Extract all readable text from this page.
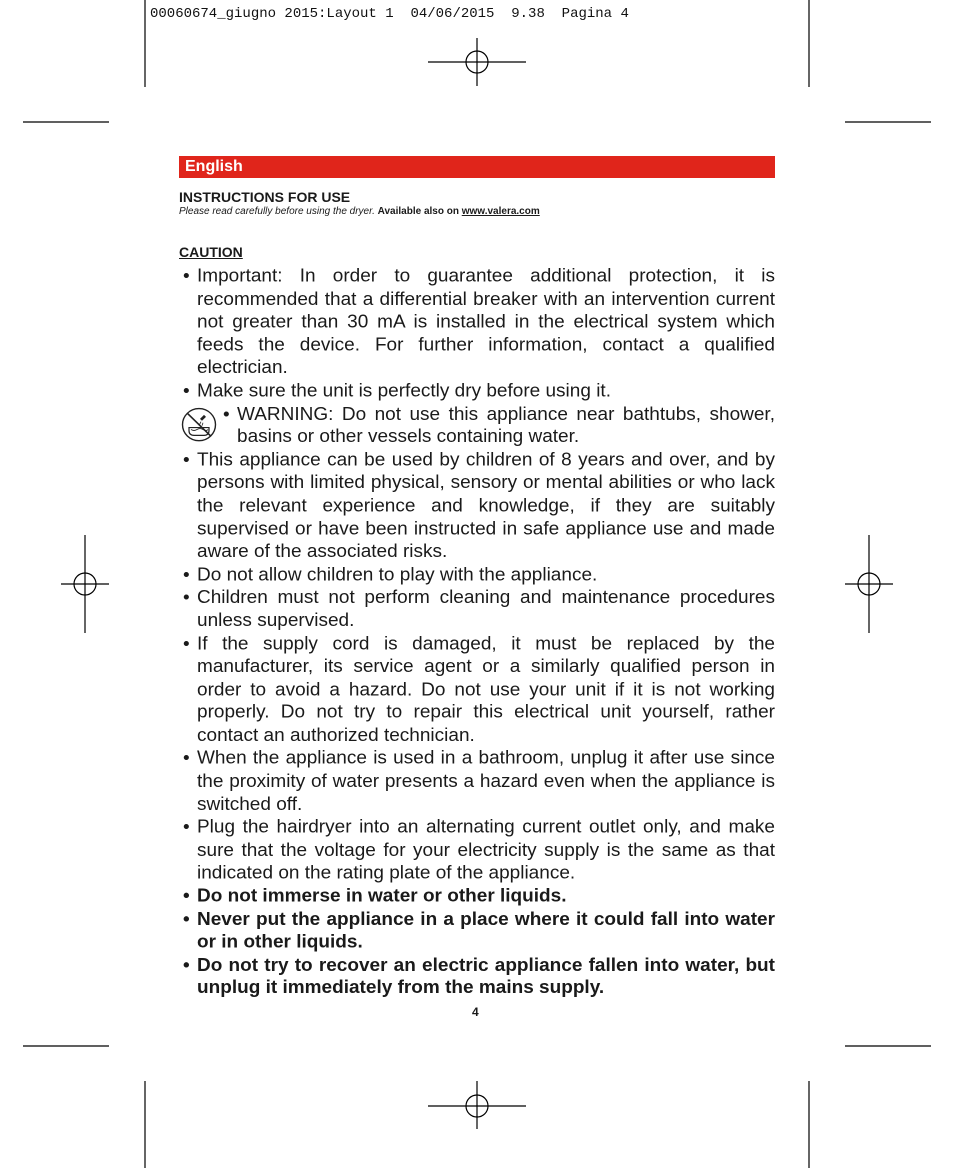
00060674_giugno 2015:Layout 1  04/06/2015  9.38  Pagina 4
English
INSTRUCTIONS FOR USE
Please read carefully before using the dryer. Available also on www.valera.com
CAUTION
• Important: In order to guarantee additional protection, it is recommended that a differential breaker with an intervention current not greater than 30 mA is installed in the electrical system which feeds the device. For further information, contact a qualified electrician.
• Make sure the unit is perfectly dry before using it.
• WARNING: Do not use this appliance near bathtubs, shower, basins or other vessels containing water.
• This appliance can be used by children of 8 years and over, and by persons with limited physical, sensory or mental abilities or who lack the relevant experience and knowledge, if they are suitably supervised or have been instructed in safe appliance use and made aware of the associated risks.
• Do not allow children to play with the appliance.
• Children must not perform cleaning and maintenance procedures unless supervised.
• If the supply cord is damaged, it must be replaced by the manufacturer, its service agent or a similarly qualified person in order to avoid a hazard. Do not use your unit if it is not working properly. Do not try to repair this electrical unit yourself, rather contact an authorized technician.
• When the appliance is used in a bathroom, unplug it after use since the proximity of water presents a hazard even when the appliance is switched off.
• Plug the hairdryer into an alternating current outlet only, and make sure that the voltage for your electricity supply is the same as that indicated on the rating plate of the appliance.
• Do not immerse in water or other liquids.
• Never put the appliance in a place where it could fall into water or in other liquids.
• Do not try to recover an electric appliance fallen into water, but unplug it immediately from the mains supply.
4
